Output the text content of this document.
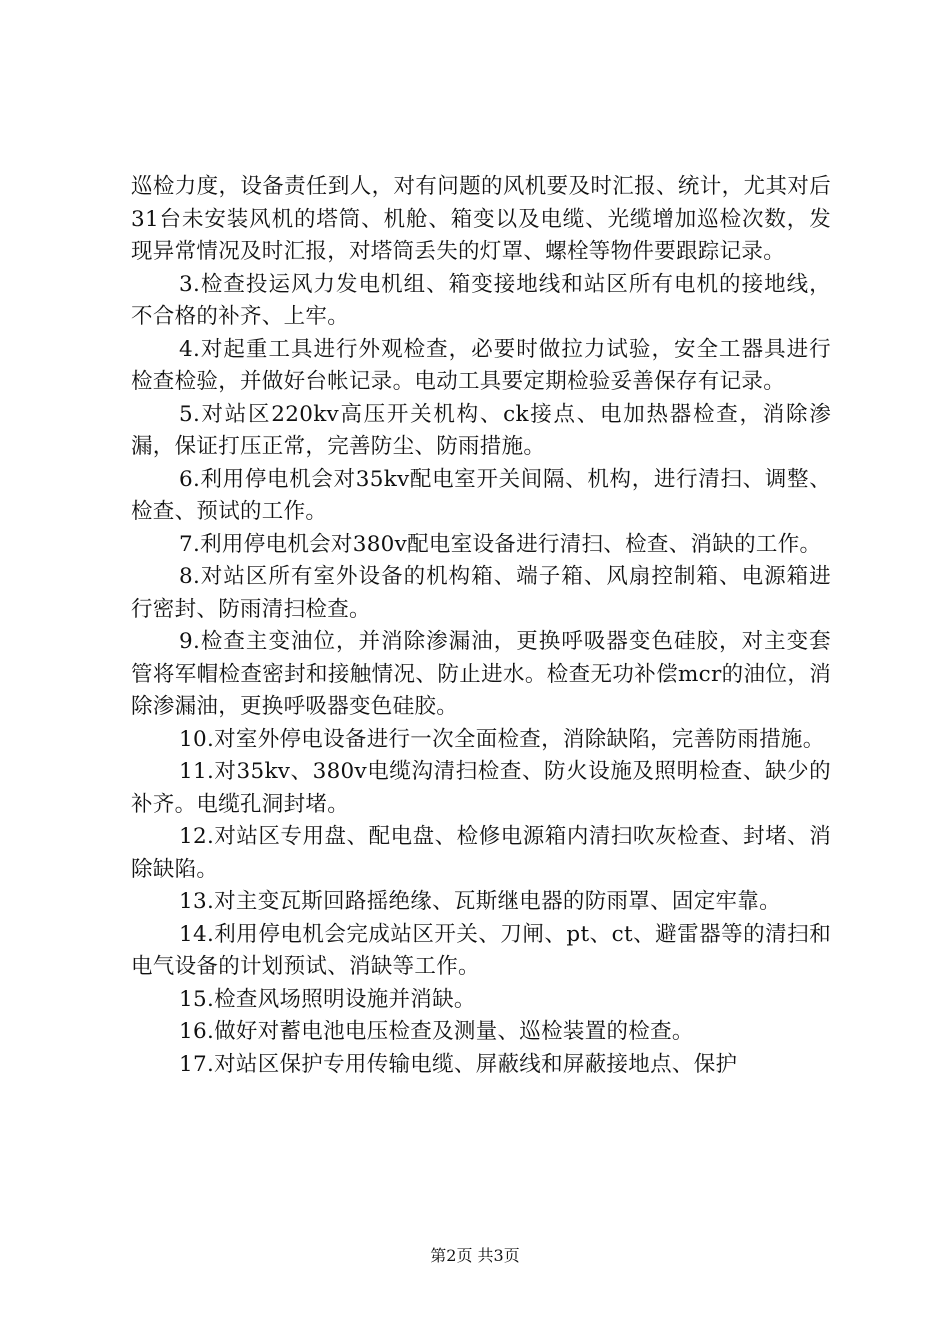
巡检力度，设备责任到人，对有问题的风机要及时汇报、统计，尤其对后31台未安装风机的塔筒、机舱、箱变以及电缆、光缆增加巡检次数，发现异常情况及时汇报，对塔筒丢失的灯罩、螺栓等物件要跟踪记录。

3.检查投运风力发电机组、箱变接地线和站区所有电机的接地线，不合格的补齐、上牢。

4.对起重工具进行外观检查，必要时做拉力试验，安全工器具进行检查检验，并做好台帐记录。电动工具要定期检验妥善保存有记录。

5.对站区220kv高压开关机构、ck接点、电加热器检查，消除渗漏，保证打压正常，完善防尘、防雨措施。

6.利用停电机会对35kv配电室开关间隔、机构，进行清扫、调整、检查、预试的工作。

7.利用停电机会对380v配电室设备进行清扫、检查、消缺的工作。

8.对站区所有室外设备的机构箱、端子箱、风扇控制箱、电源箱进行密封、防雨清扫检查。

9.检查主变油位，并消除渗漏油，更换呼吸器变色硅胶，对主变套管将军帽检查密封和接触情况、防止进水。检查无功补偿mcr的油位，消除渗漏油，更换呼吸器变色硅胶。

10.对室外停电设备进行一次全面检查，消除缺陷，完善防雨措施。

11.对35kv、380v电缆沟清扫检查、防火设施及照明检查、缺少的补齐。电缆孔洞封堵。

12.对站区专用盘、配电盘、检修电源箱内清扫吹灰检查、封堵、消除缺陷。

13.对主变瓦斯回路摇绝缘、瓦斯继电器的防雨罩、固定牢靠。

14.利用停电机会完成站区开关、刀闸、pt、ct、避雷器等的清扫和电气设备的计划预试、消缺等工作。

15.检查风场照明设施并消缺。

16.做好对蓄电池电压检查及测量、巡检装置的检查。

17.对站区保护专用传输电缆、屏蔽线和屏蔽接地点、保护

第2页 共3页
